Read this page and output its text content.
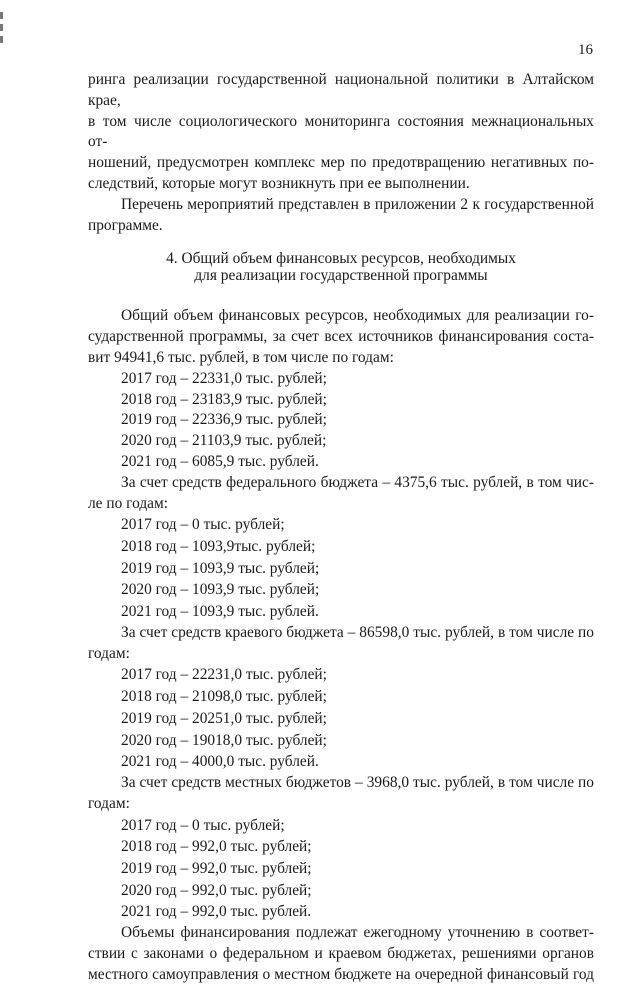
16
ринга реализации государственной национальной политики в Алтайском крае,
в том числе социологического мониторинга состояния межнациональных от-
ношений, предусмотрен комплекс мер по предотвращению негативных по-
следствий, которые могут возникнуть при ее выполнении.
Перечень мероприятий представлен в приложении 2 к государственной
программе.
4. Общий объем финансовых ресурсов, необходимых
для реализации государственной программы
Общий объем финансовых ресурсов, необходимых для реализации го-
сударственной программы, за счет всех источников финансирования соста-
вит 94941,6 тыс. рублей, в том числе по годам:
2017 год – 22331,0 тыс. рублей;
2018 год – 23183,9 тыс. рублей;
2019 год – 22336,9 тыс. рублей;
2020 год – 21103,9 тыс. рублей;
2021 год – 6085,9 тыс. рублей.
За счет средств федерального бюджета – 4375,6 тыс. рублей, в том чис-
ле по годам:
2017 год – 0 тыс. рублей;
2018 год – 1093,9тыс. рублей;
2019 год – 1093,9 тыс. рублей;
2020 год – 1093,9 тыс. рублей;
2021 год – 1093,9 тыс. рублей.
За счет средств краевого бюджета – 86598,0 тыс. рублей, в том числе по
годам:
2017 год – 22231,0 тыс. рублей;
2018 год – 21098,0 тыс. рублей;
2019 год – 20251,0 тыс. рублей;
2020 год – 19018,0 тыс. рублей;
2021 год – 4000,0 тыс. рублей.
За счет средств местных бюджетов – 3968,0 тыс. рублей, в том числе по
годам:
2017 год – 0 тыс. рублей;
2018 год – 992,0 тыс. рублей;
2019 год – 992,0 тыс. рублей;
2020 год – 992,0 тыс. рублей;
2021 год – 992,0 тыс. рублей.
Объемы финансирования подлежат ежегодному уточнению в соответ-
ствии с законами о федеральном и краевом бюджетах, решениями органов
местного самоуправления о местном бюджете на очередной финансовый год
